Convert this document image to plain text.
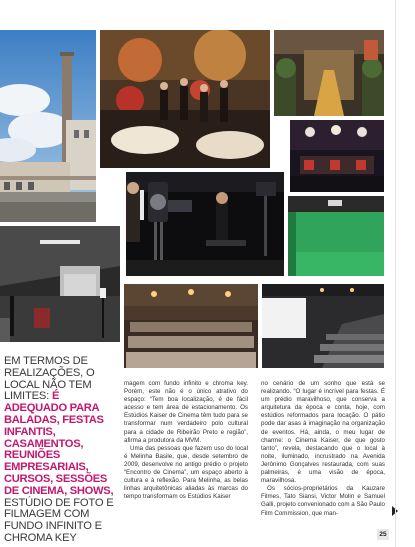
EM TERMOS DE REALIZAÇÕES, O LOCAL NÃO TEM LIMITES: É ADEQUADO PARA BALADAS, FESTAS INFANTIS, CASAMENTOS, REUNIÕES EMPRESARIAIS, CURSOS, SESSÕES DE CINEMA, SHOWS, ESTÚDIO DE FOTO E FILMAGEM COM FUNDO INFINITO E CHROMA KEY

magem com fundo infinito e chroma key. Porém, este não é o único atrativo do espaço: “Tem boa localização, é de fácil acesso e tem área de estacionamento. Os Estúdios Kaiser de Cinema têm tudo para se transformar num verdadeiro polo cultural para a cidade de Ribeirão Preto e região”, afirma a produtora da MVM.

Uma das pessoas que fazem uso do local é Melinha Basile, que, desde setembro de 2009, desenvolve no antigo prédio o projeto “Encontro de Cinema”, um espaço aberto à cultura e à reflexão. Para Melinha, as belas linhas arquitetônicas aliadas às marcas do tempo transformam os Estúdios Kaiser

no cenário de um sonho que está se realizando. “O lugar é incrível para festas. É um prédio maravilhoso, que conserva a arquitetura da época e conta, hoje, com estúdios reformados para locação. O pátio pode dar asas à imaginação na organização de eventos. Há, ainda, o meu lugar de charme: o Cinema Kaiser, de que gosto tanto”, revela, destacando que o local à noite, iluminado, incrustrado na Avenida Jerônimo Gonçalves restaurada, com suas palmeiras, é uma visão de época, maravilhosa.

Os sócios-proprietários da Kauzare Filmes, Tato Siansi, Victor Molin e Samuel Galli, projeto convenionado com a São Paulo Film Commission, que man-

25
